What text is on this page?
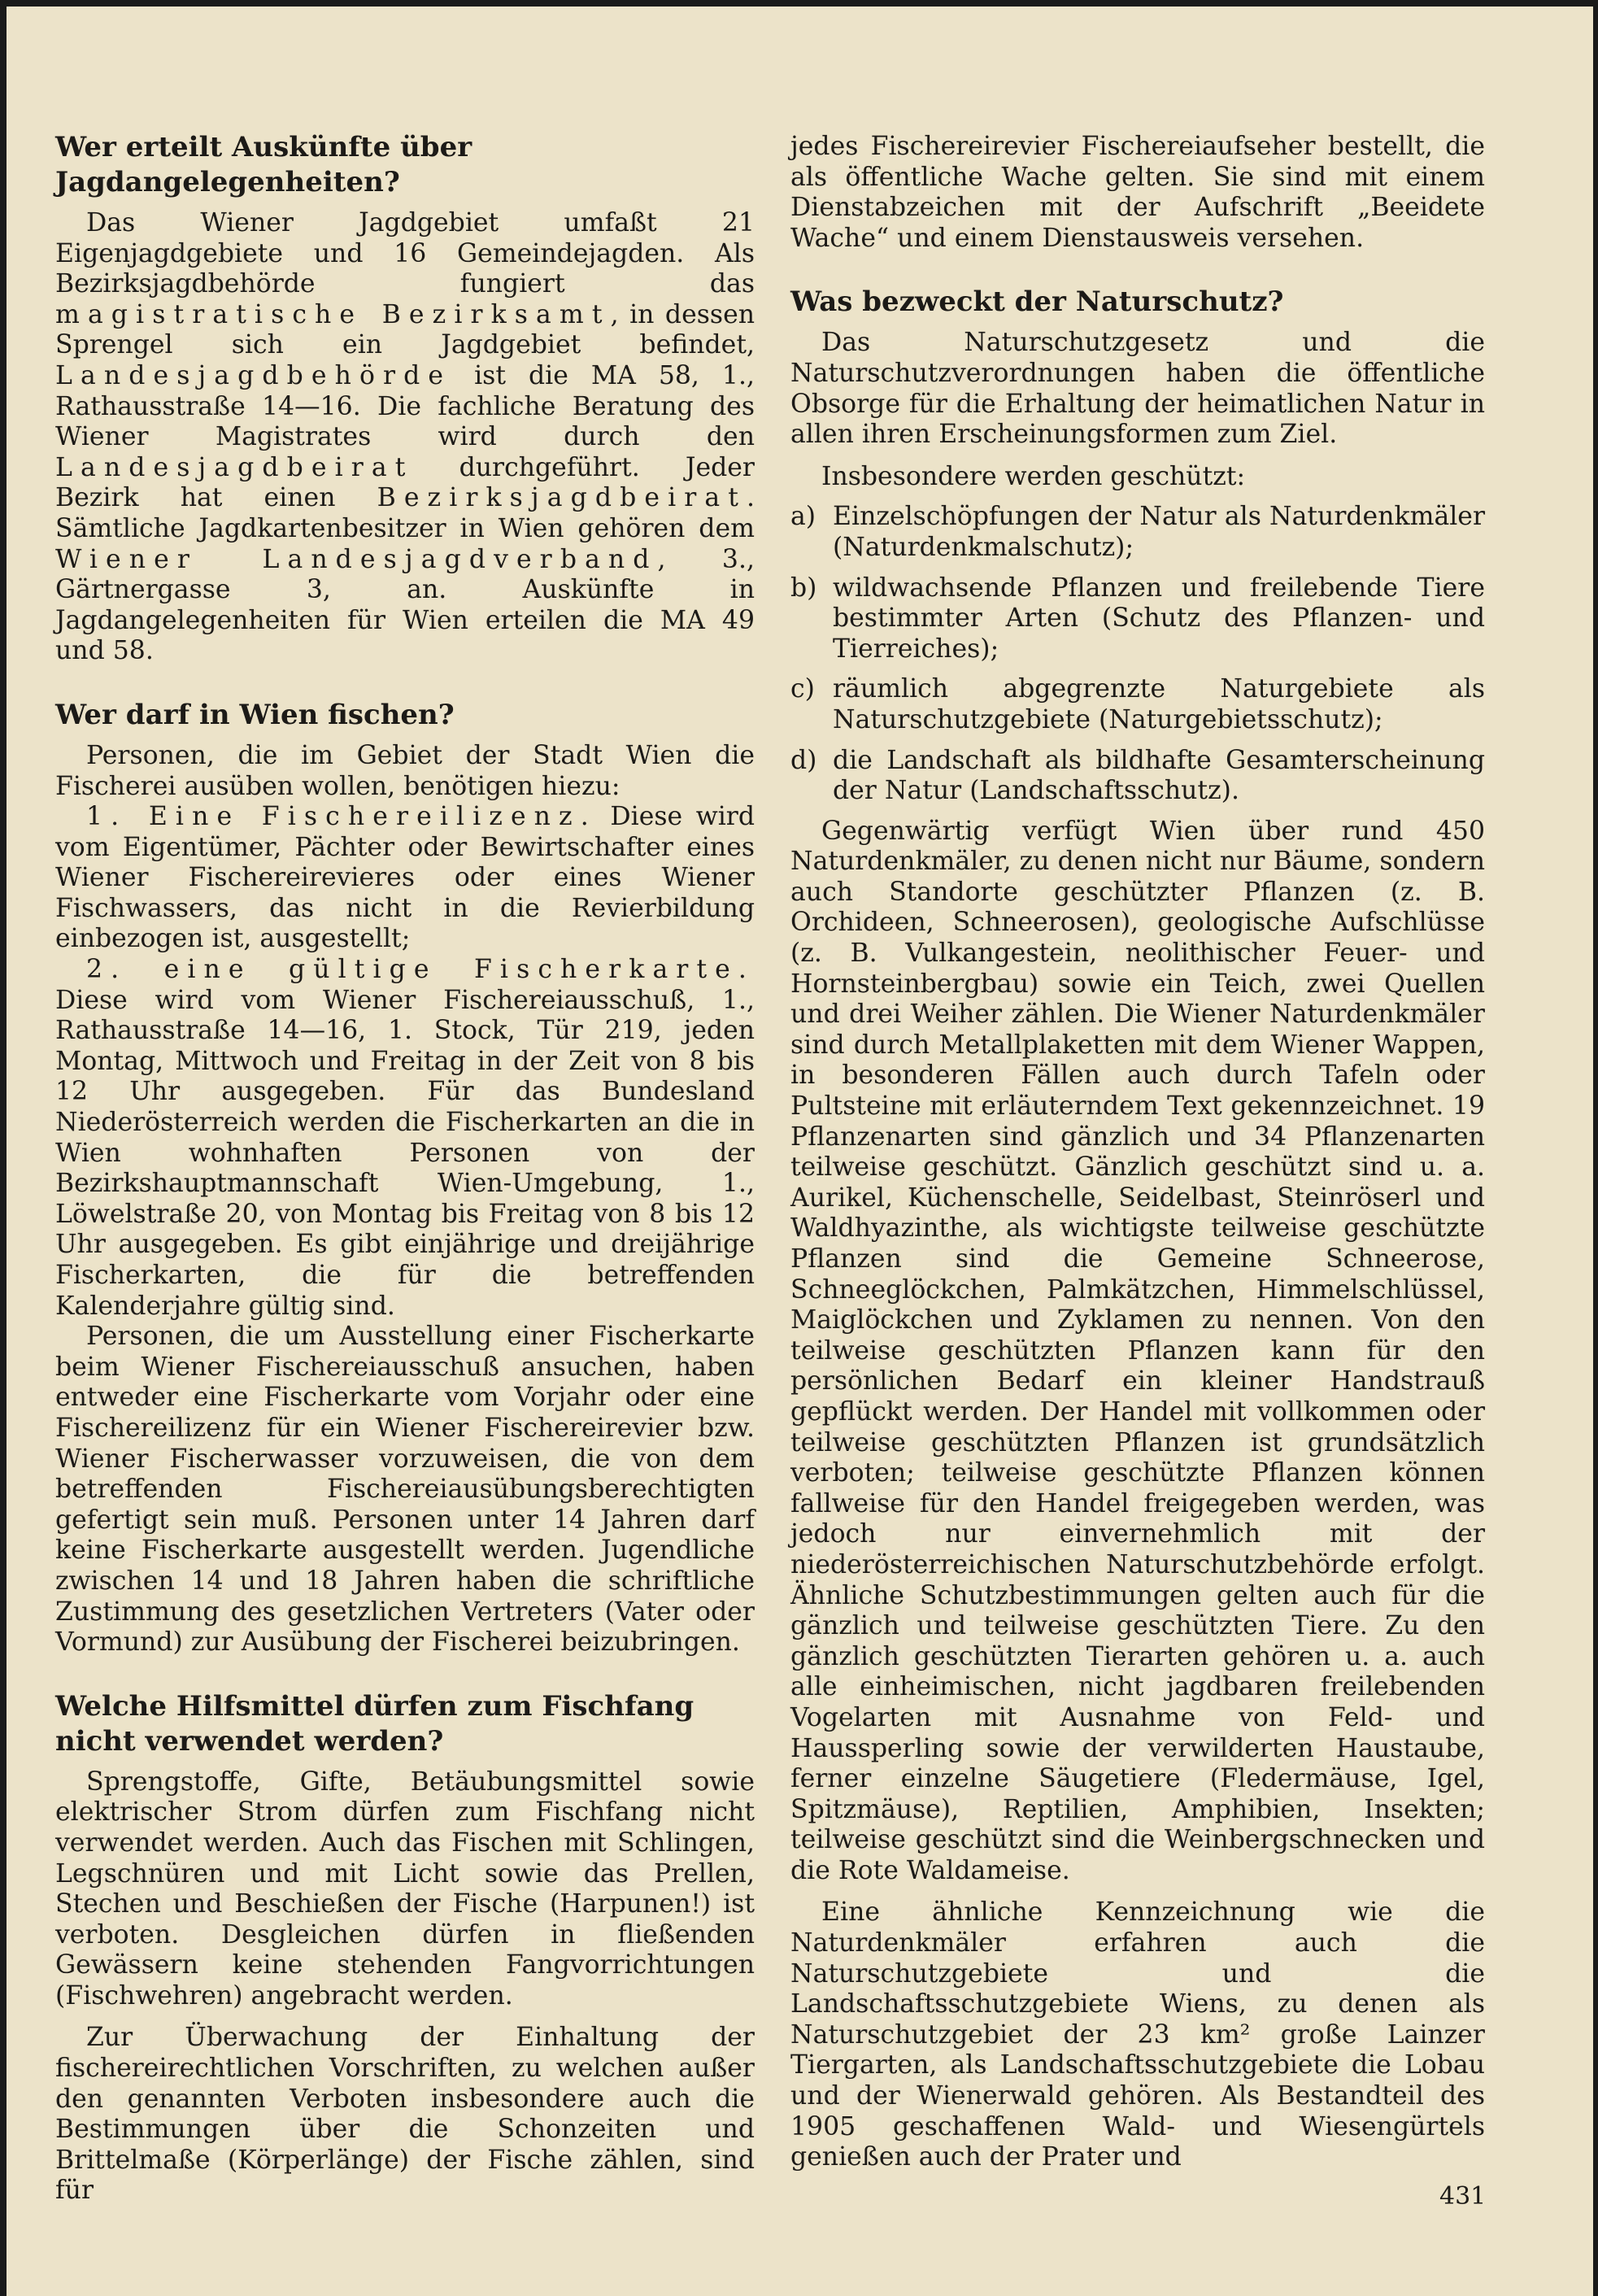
Wer erteilt Auskünfte über Jagdangelegenheiten?

Das Wiener Jagdgebiet umfaßt 21 Eigenjagdgebiete und 16 Gemeindejagden. Als Bezirksjagdbehörde fungiert das magistratische Bezirksamt, in dessen Sprengel sich ein Jagdgebiet befindet, Landesjagdbehörde ist die MA 58, 1., Rathausstraße 14—16. Die fachliche Beratung des Wiener Magistrates wird durch den Landesjagdbeirat durchgeführt. Jeder Bezirk hat einen Bezirksjagdbeirat. Sämtliche Jagdkartenbesitzer in Wien gehören dem Wiener Landesjagdverband, 3., Gärtnergasse 3, an. Auskünfte in Jagdangelegenheiten für Wien erteilen die MA 49 und 58.

Wer darf in Wien fischen?

Personen, die im Gebiet der Stadt Wien die Fischerei ausüben wollen, benötigen hiezu:

1. Eine Fischereilizenz. Diese wird vom Eigentümer, Pächter oder Bewirtschafter eines Wiener Fischereirevieres oder eines Wiener Fischwassers, das nicht in die Revierbildung einbezogen ist, ausgestellt;

2. eine gültige Fischerkarte. Diese wird vom Wiener Fischereiausschuß, 1., Rathausstraße 14—16, 1. Stock, Tür 219, jeden Montag, Mittwoch und Freitag in der Zeit von 8 bis 12 Uhr ausgegeben. Für das Bundesland Niederösterreich werden die Fischerkarten an die in Wien wohnhaften Personen von der Bezirkshauptmannschaft Wien-Umgebung, 1., Löwelstraße 20, von Montag bis Freitag von 8 bis 12 Uhr ausgegeben. Es gibt einjährige und dreijährige Fischerkarten, die für die betreffenden Kalenderjahre gültig sind.

Personen, die um Ausstellung einer Fischerkarte beim Wiener Fischereiausschuß ansuchen, haben entweder eine Fischerkarte vom Vorjahr oder eine Fischereilizenz für ein Wiener Fischereirevier bzw. Wiener Fischerwasser vorzuweisen, die von dem betreffenden Fischereiausübungsberechtigten gefertigt sein muß. Personen unter 14 Jahren darf keine Fischerkarte ausgestellt werden. Jugendliche zwischen 14 und 18 Jahren haben die schriftliche Zustimmung des gesetzlichen Vertreters (Vater oder Vormund) zur Ausübung der Fischerei beizubringen.

Welche Hilfsmittel dürfen zum Fischfang nicht verwendet werden?

Sprengstoffe, Gifte, Betäubungsmittel sowie elektrischer Strom dürfen zum Fischfang nicht verwendet werden. Auch das Fischen mit Schlingen, Legschnüren und mit Licht sowie das Prellen, Stechen und Beschießen der Fische (Harpunen!) ist verboten. Desgleichen dürfen in fließenden Gewässern keine stehenden Fangvorrichtungen (Fischwehren) angebracht werden.

Zur Überwachung der Einhaltung der fischereirechtlichen Vorschriften, zu welchen außer den genannten Verboten insbesondere auch die Bestimmungen über die Schonzeiten und Brittelmaße (Körperlänge) der Fische zählen, sind für

jedes Fischereirevier Fischereiaufseher bestellt, die als öffentliche Wache gelten. Sie sind mit einem Dienstabzeichen mit der Aufschrift „Beeidete Wache“ und einem Dienstausweis versehen.

Was bezweckt der Naturschutz?

Das Naturschutzgesetz und die Naturschutzverordnungen haben die öffentliche Obsorge für die Erhaltung der heimatlichen Natur in allen ihren Erscheinungsformen zum Ziel.

Insbesondere werden geschützt:

a) Einzelschöpfungen der Natur als Naturdenkmäler (Naturdenkmalschutz);
b) wildwachsende Pflanzen und freilebende Tiere bestimmter Arten (Schutz des Pflanzen- und Tierreiches);
c) räumlich abgegrenzte Naturgebiete als Naturschutzgebiete (Naturgebietsschutz);
d) die Landschaft als bildhafte Gesamterscheinung der Natur (Landschaftsschutz).

Gegenwärtig verfügt Wien über rund 450 Naturdenkmäler, zu denen nicht nur Bäume, sondern auch Standorte geschützter Pflanzen (z. B. Orchideen, Schneerosen), geologische Aufschlüsse (z. B. Vulkangestein, neolithischer Feuer- und Hornsteinbergbau) sowie ein Teich, zwei Quellen und drei Weiher zählen. Die Wiener Naturdenkmäler sind durch Metallplaketten mit dem Wiener Wappen, in besonderen Fällen auch durch Tafeln oder Pultsteine mit erläuterndem Text gekennzeichnet. 19 Pflanzenarten sind gänzlich und 34 Pflanzenarten teilweise geschützt. Gänzlich geschützt sind u. a. Aurikel, Küchenschelle, Seidelbast, Steinröserl und Waldhyazinthe, als wichtigste teilweise geschützte Pflanzen sind die Gemeine Schneerose, Schneeglöckchen, Palmkätzchen, Himmelschlüssel, Maiglöckchen und Zyklamen zu nennen. Von den teilweise geschützten Pflanzen kann für den persönlichen Bedarf ein kleiner Handstrauß gepflückt werden. Der Handel mit vollkommen oder teilweise geschützten Pflanzen ist grundsätzlich verboten; teilweise geschützte Pflanzen können fallweise für den Handel freigegeben werden, was jedoch nur einvernehmlich mit der niederösterreichischen Naturschutzbehörde erfolgt. Ähnliche Schutzbestimmungen gelten auch für die gänzlich und teilweise geschützten Tiere. Zu den gänzlich geschützten Tierarten gehören u. a. auch alle einheimischen, nicht jagdbaren freilebenden Vogelarten mit Ausnahme von Feld- und Haussperling sowie der verwilderten Haustaube, ferner einzelne Säugetiere (Fledermäuse, Igel, Spitzmäuse), Reptilien, Amphibien, Insekten; teilweise geschützt sind die Weinbergschnecken und die Rote Waldameise.

Eine ähnliche Kennzeichnung wie die Naturdenkmäler erfahren auch die Naturschutzgebiete und die Landschaftsschutzgebiete Wiens, zu denen als Naturschutzgebiet der 23 km² große Lainzer Tiergarten, als Landschaftsschutzgebiete die Lobau und der Wienerwald gehören. Als Bestandteil des 1905 geschaffenen Wald- und Wiesengürtels genießen auch der Prater und

431
